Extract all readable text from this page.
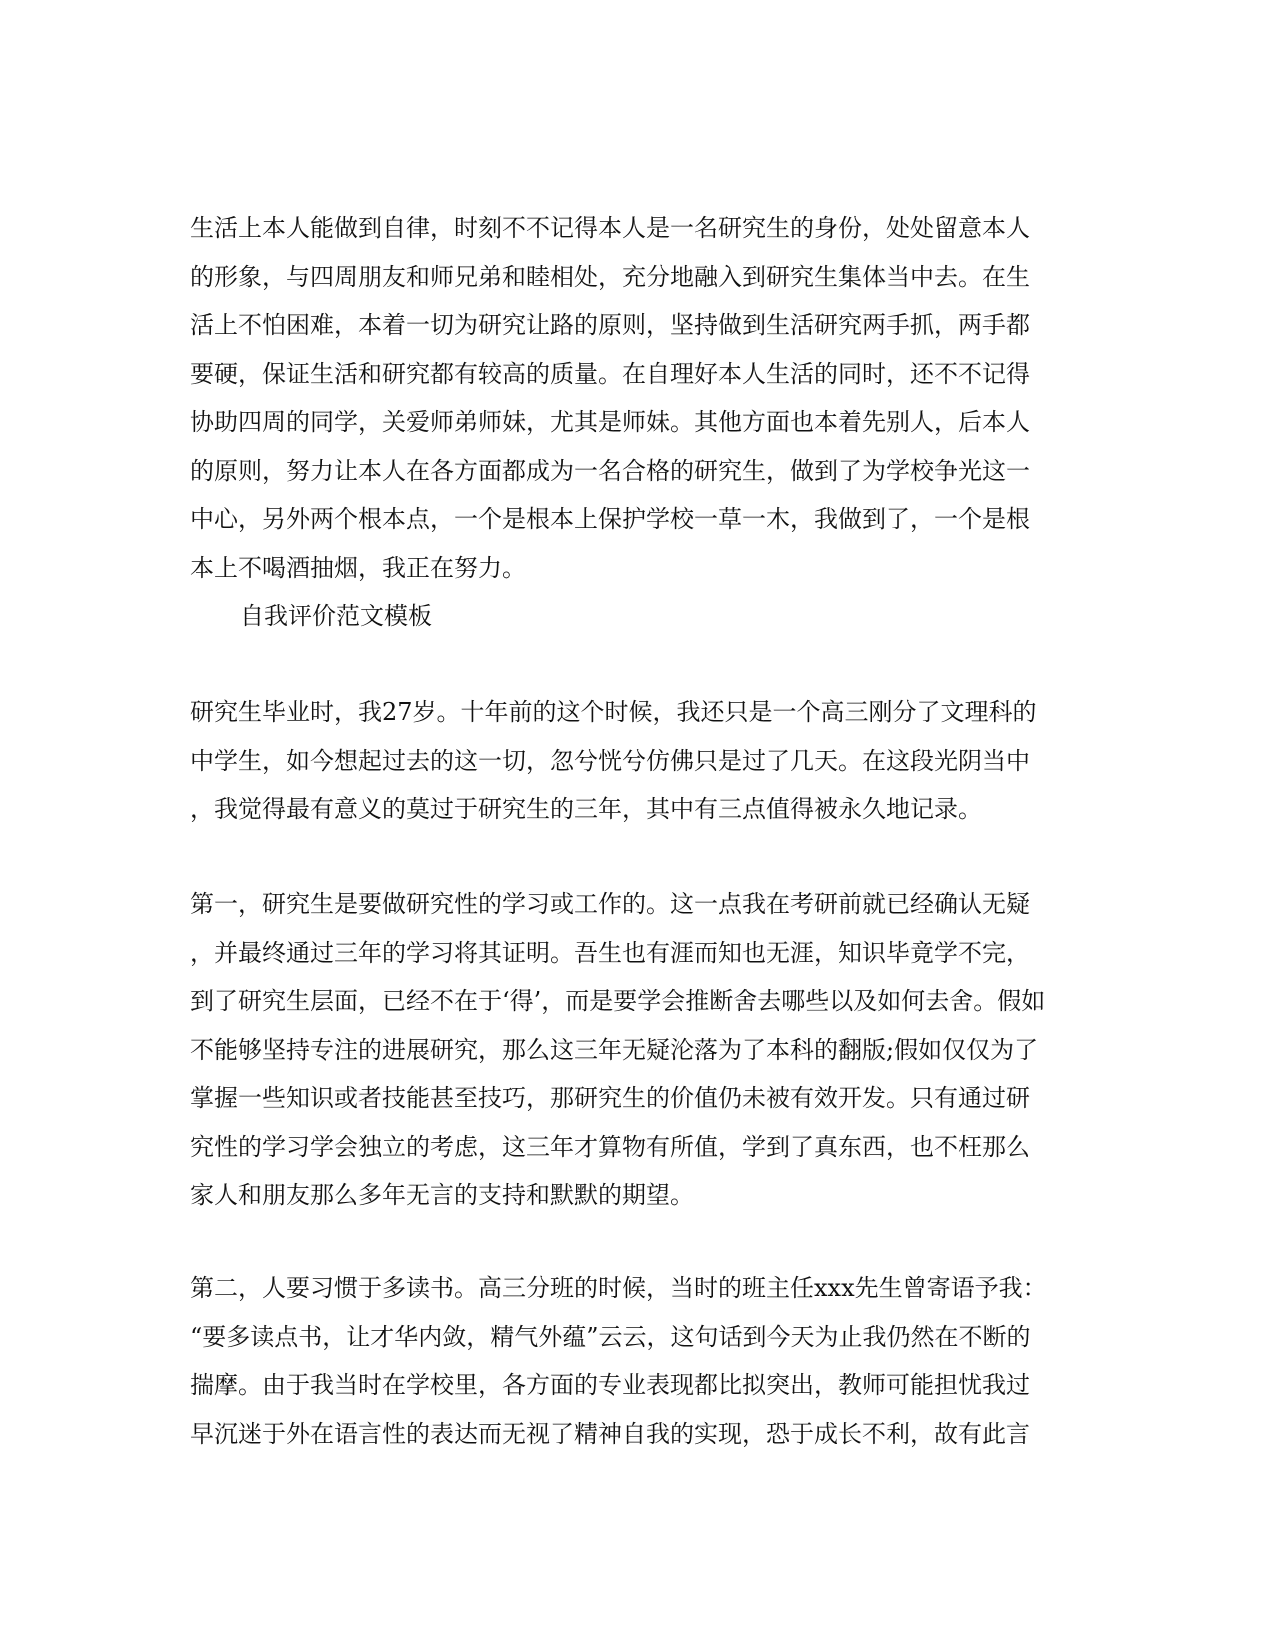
生活上本人能做到自律，时刻不不记得本人是一名研究生的身份，处处留意本人
的形象，与四周朋友和师兄弟和睦相处，充分地融入到研究生集体当中去。在生
活上不怕困难，本着一切为研究让路的原则，坚持做到生活研究两手抓，两手都
要硬，保证生活和研究都有较高的质量。在自理好本人生活的同时，还不不记得
协助四周的同学，关爱师弟师妹，尤其是师妹。其他方面也本着先别人，后本人
的原则，努力让本人在各方面都成为一名合格的研究生，做到了为学校争光这一
中心，另外两个根本点，一个是根本上保护学校一草一木，我做到了，一个是根
本上不喝酒抽烟，我正在努力。
自我评价范文模板
研究生毕业时，我27岁。十年前的这个时候，我还只是一个高三刚分了文理科的
中学生，如今想起过去的这一切，忽兮恍兮仿佛只是过了几天。在这段光阴当中
，我觉得最有意义的莫过于研究生的三年，其中有三点值得被永久地记录。
第一，研究生是要做研究性的学习或工作的。这一点我在考研前就已经确认无疑
，并最终通过三年的学习将其证明。吾生也有涯而知也无涯，知识毕竟学不完，
到了研究生层面，已经不在于‘得’，而是要学会推断舍去哪些以及如何去舍。假如
不能够坚持专注的进展研究，那么这三年无疑沦落为了本科的翻版;假如仅仅为了
掌握一些知识或者技能甚至技巧，那研究生的价值仍未被有效开发。只有通过研
究性的学习学会独立的考虑，这三年才算物有所值，学到了真东西，也不枉那么
家人和朋友那么多年无言的支持和默默的期望。
第二，人要习惯于多读书。高三分班的时候，当时的班主任xxx先生曾寄语予我：
“要多读点书，让才华内敛，精气外蕴”云云，这句话到今天为止我仍然在不断的
揣摩。由于我当时在学校里，各方面的专业表现都比拟突出，教师可能担忧我过
早沉迷于外在语言性的表达而无视了精神自我的实现，恐于成长不利，故有此言
